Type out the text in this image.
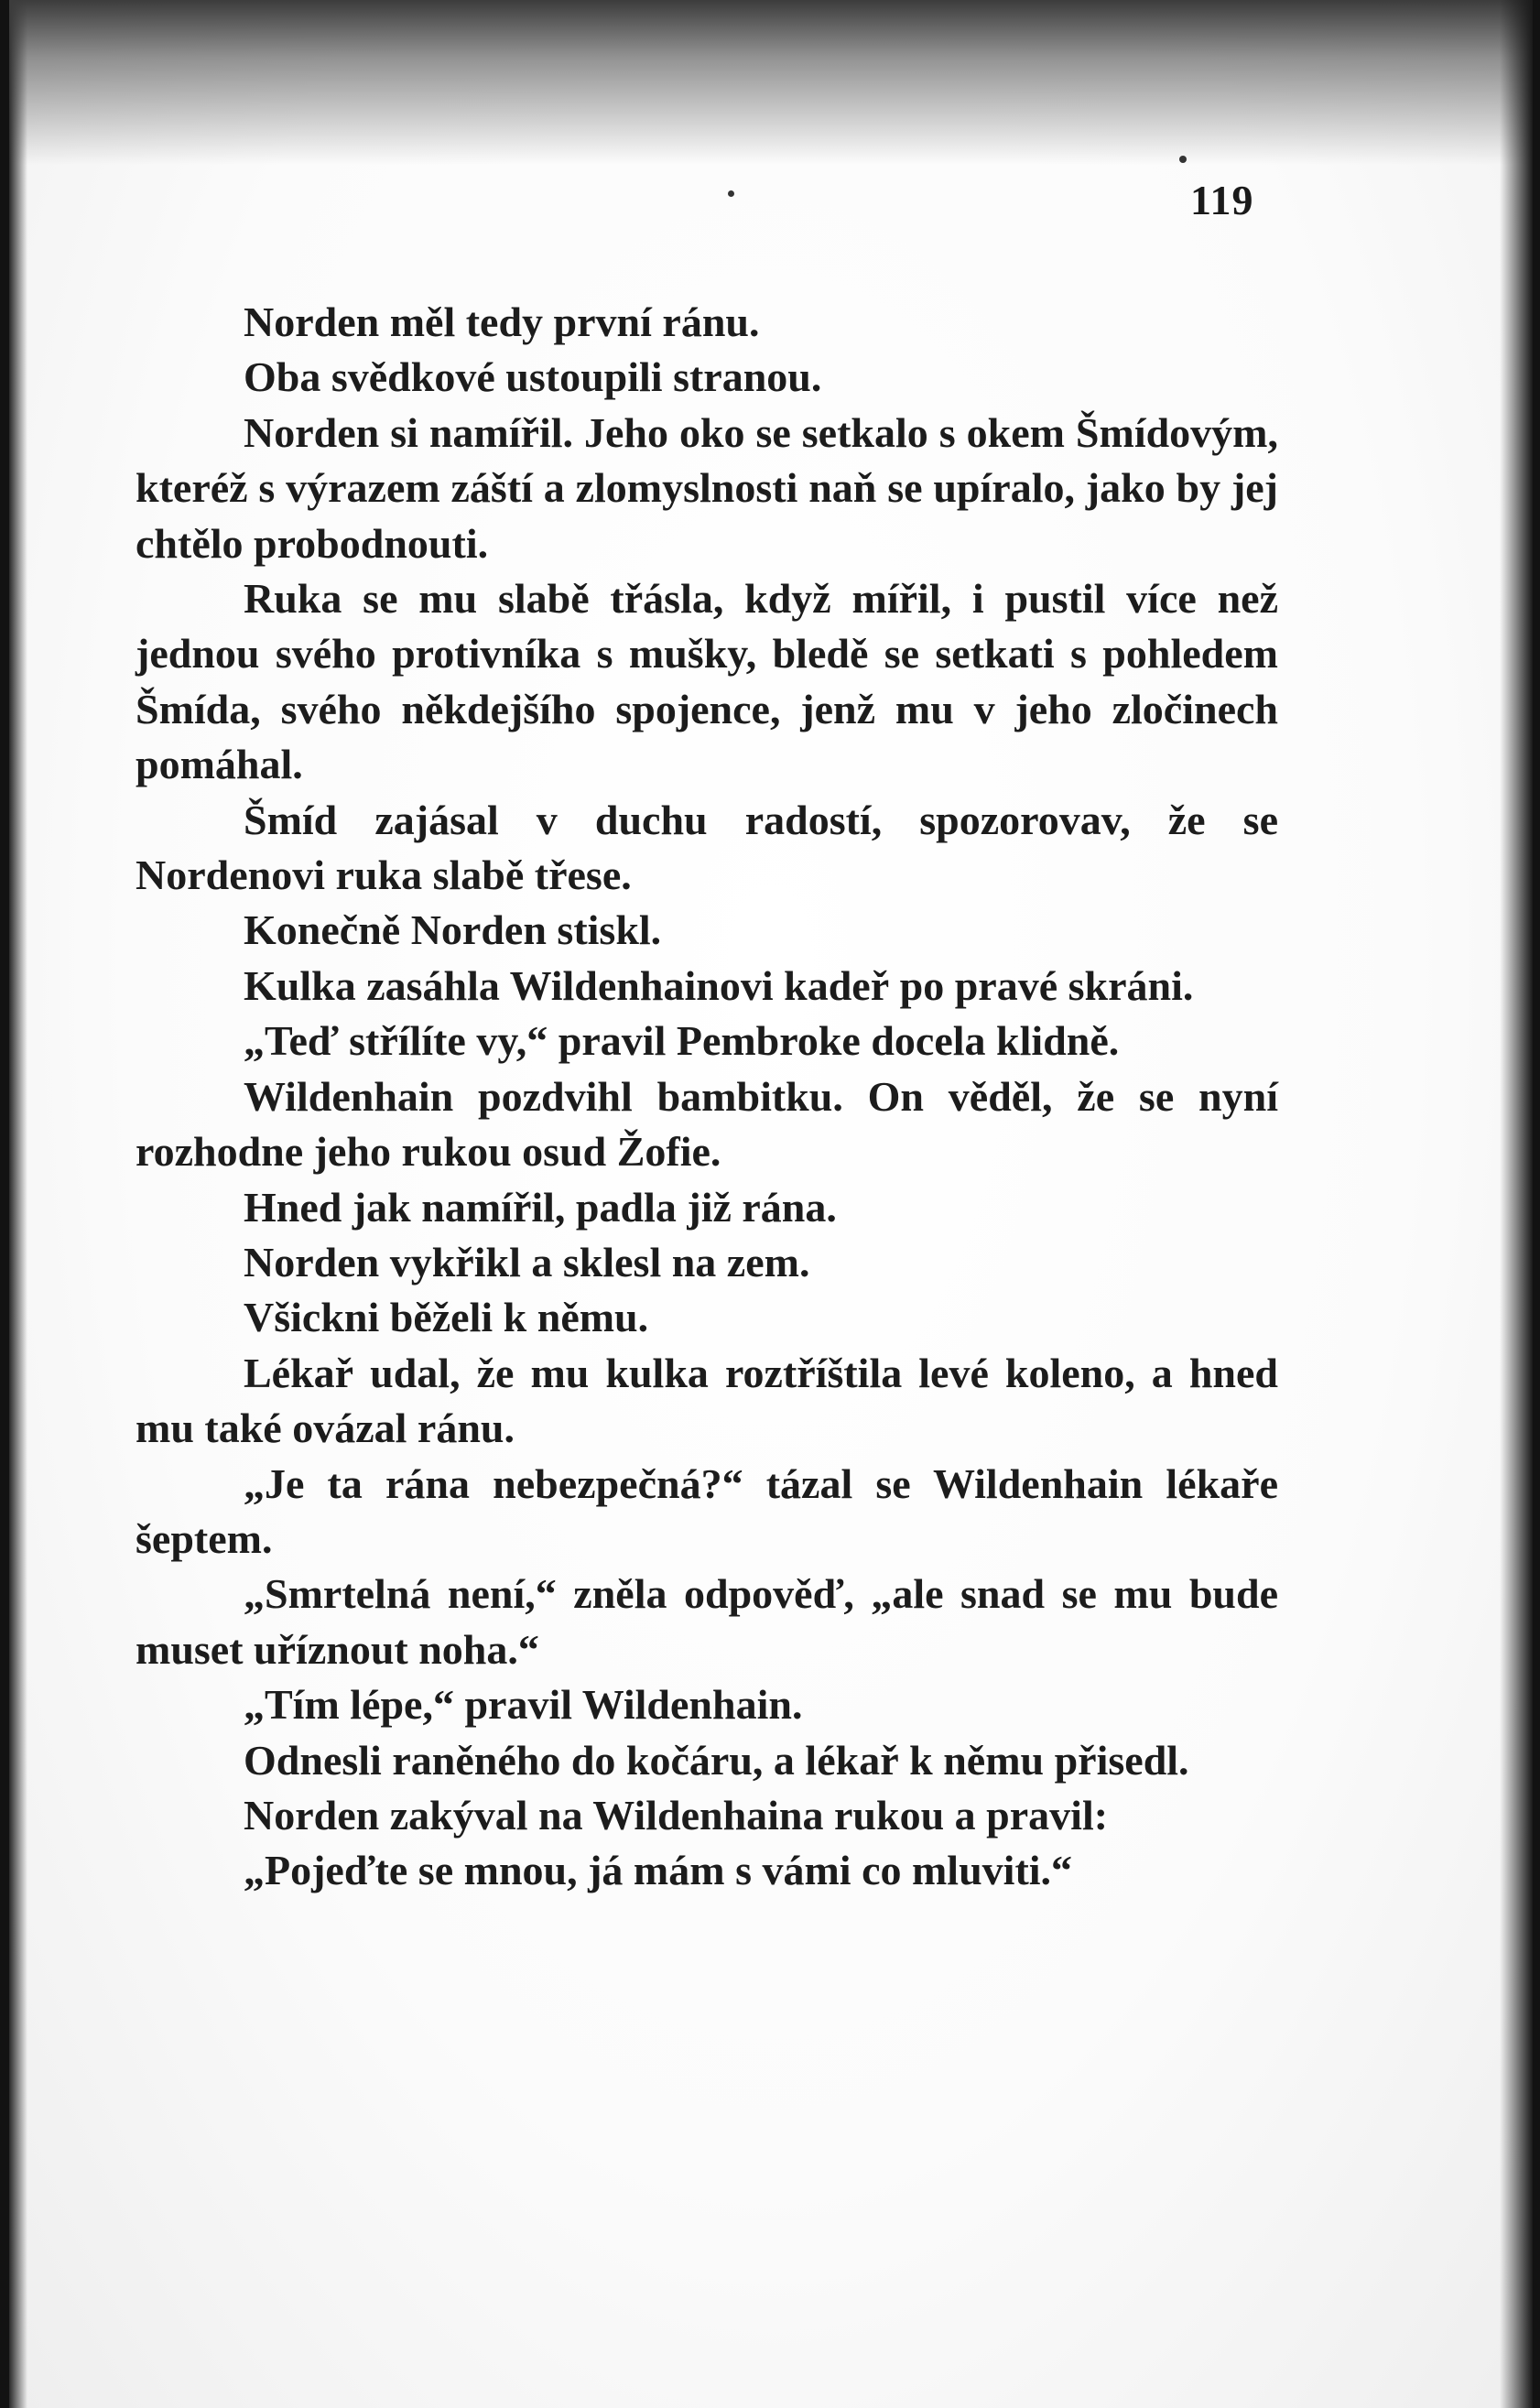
119

Norden měl tedy první ránu.

Oba svědkové ustoupili stranou.

Norden si namířil. Jeho oko se setkalo s okem Šmídovým, kteréž s výrazem záští a zlomyslnosti naň se upíralo, jako by jej chtělo probodnouti.

Ruka se mu slabě třásla, když mířil, i pustil více než jednou svého protivníka s mušky, bledě se setkati s pohledem Šmída, svého někdejšího spojence, jenž mu v jeho zločinech pomáhal.

Šmíd zajásal v duchu radostí, spozorovav, že se Nordenovi ruka slabě třese.

Konečně Norden stiskl.

Kulka zasáhla Wildenhainovi kadeř po pravé skráni.

„Teď střílíte vy,“ pravil Pembroke docela klidně.

Wildenhain pozdvihl bambitku. On věděl, že se nyní rozhodne jeho rukou osud Žofie.

Hned jak namířil, padla již rána.

Norden vykřikl a sklesl na zem.

Všickni běželi k němu.

Lékař udal, že mu kulka roztříštila levé koleno, a hned mu také ovázal ránu.

„Je ta rána nebezpečná?“ tázal se Wildenhain lékaře šeptem.

„Smrtelná není,“ zněla odpověď, „ale snad se mu bude muset uříznout noha.“

„Tím lépe,“ pravil Wildenhain.

Odnesli raněného do kočáru, a lékař k němu přisedl.

Norden zakýval na Wildenhaina rukou a pravil:

„Pojeďte se mnou, já mám s vámi co mluviti.“
